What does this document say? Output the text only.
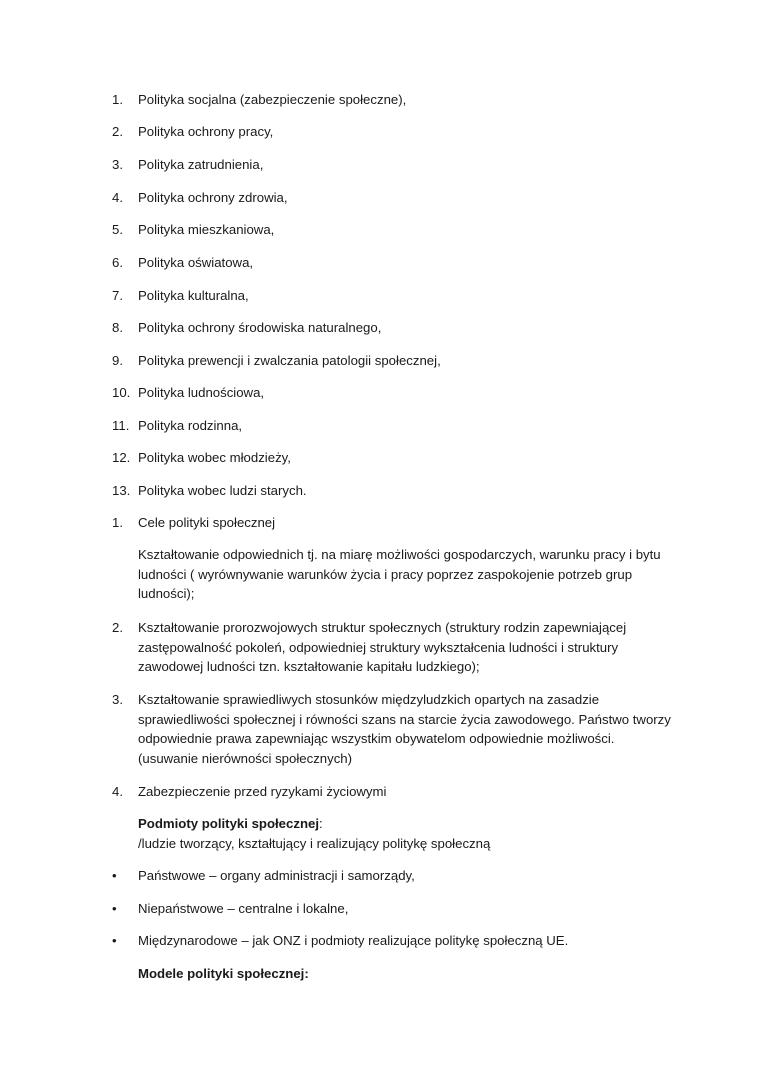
1. Polityka socjalna (zabezpieczenie społeczne),
2. Polityka ochrony pracy,
3. Polityka zatrudnienia,
4. Polityka ochrony zdrowia,
5. Polityka mieszkaniowa,
6. Polityka oświatowa,
7. Polityka kulturalna,
8. Polityka ochrony środowiska naturalnego,
9. Polityka prewencji i zwalczania patologii społecznej,
10. Polityka ludnościowa,
11. Polityka rodzinna,
12. Polityka wobec młodzieży,
13. Polityka wobec ludzi starych.
1. Cele polityki społecznej
Kształtowanie odpowiednich tj. na miarę możliwości gospodarczych, warunku pracy i bytu ludności ( wyrównywanie warunków życia i pracy poprzez zaspokojenie potrzeb grup ludności);
2. Kształtowanie prorozwojowych struktur społecznych (struktury rodzin zapewniającej zastępowalność pokoleń, odpowiedniej struktury wykształcenia ludności i struktury zawodowej ludności tzn. kształtowanie kapitału ludzkiego);
3. Kształtowanie sprawiedliwych stosunków międzyludzkich opartych na zasadzie sprawiedliwości społecznej i równości szans na starcie życia zawodowego. Państwo tworzy odpowiednie prawa zapewniając wszystkim obywatelom odpowiednie możliwości. (usuwanie nierówności społecznych)
4. Zabezpieczenie przed ryzykami życiowymi
Podmioty polityki społecznej:
/ludzie tworzący, kształtujący i realizujący politykę społeczną
• Państwowe – organy administracji i samorządy,
• Niepaństwowe – centralne i lokalne,
• Międzynarodowe – jak ONZ i podmioty realizujące politykę społeczną UE.
Modele polityki społecznej:
